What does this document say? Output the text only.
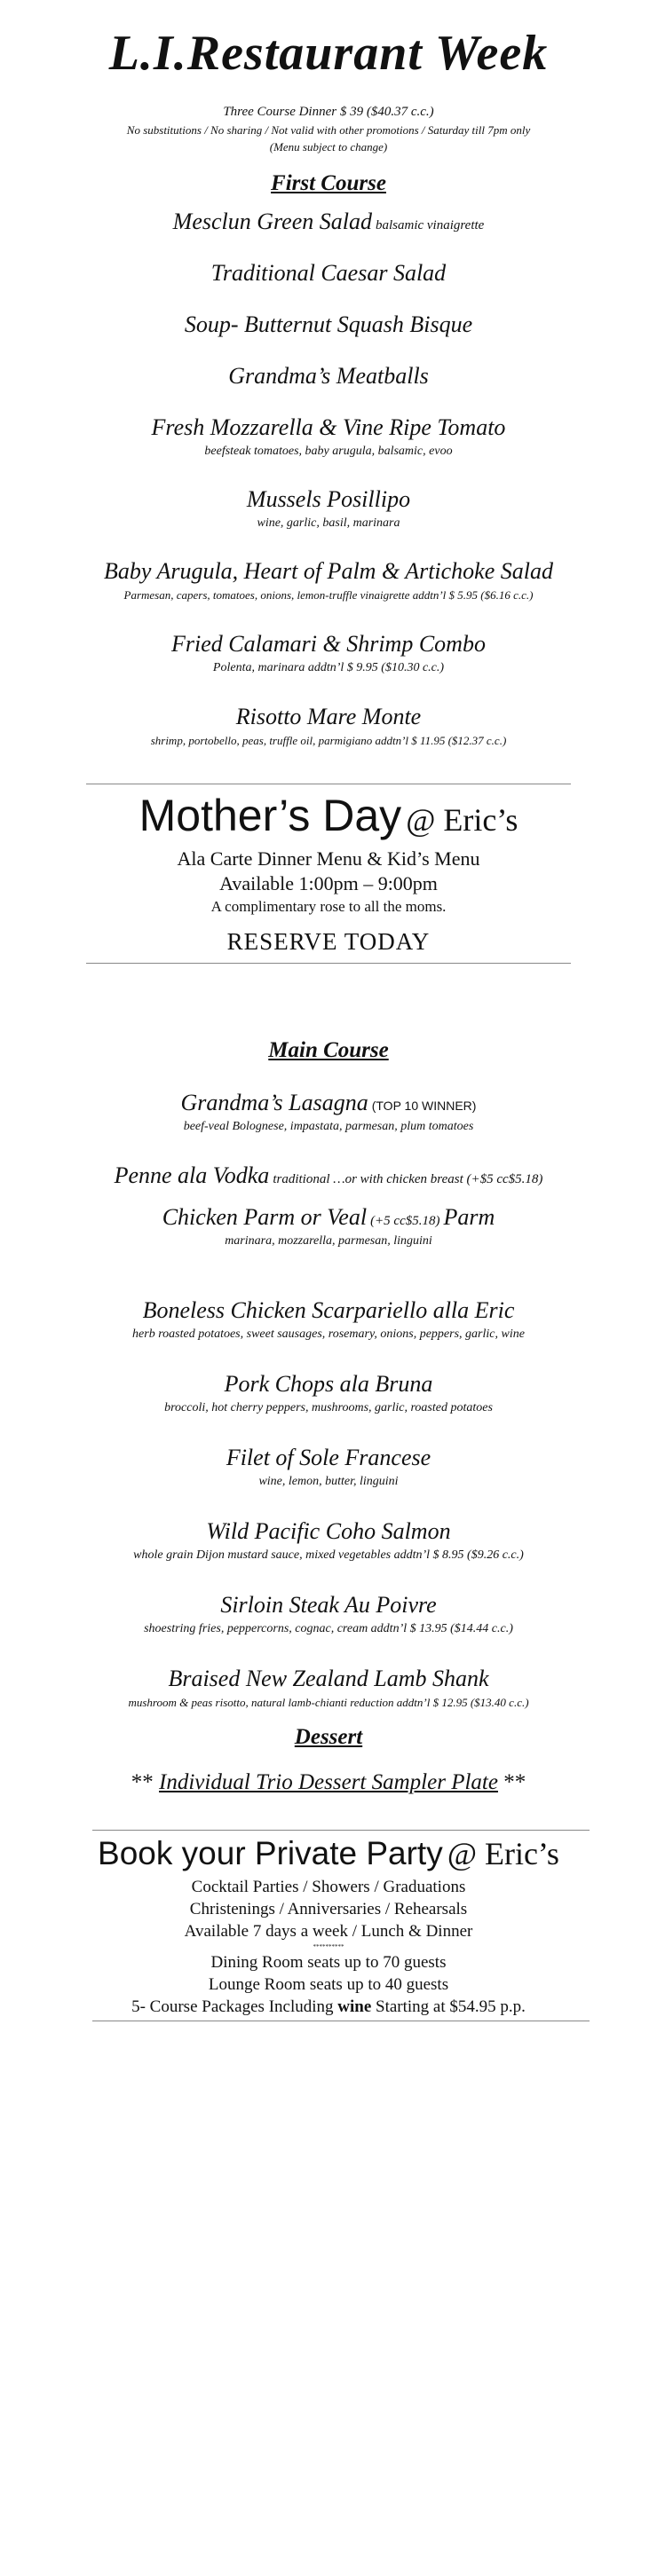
L.I.Restaurant Week
Three Course Dinner $ 39 ($40.37 c.c.)
No substitutions / No sharing / Not valid with other promotions / Saturday till 7pm only
(Menu subject to change)
First Course
Mesclun Green Salad balsamic vinaigrette
Traditional Caesar Salad
Soup- Butternut Squash Bisque
Grandma’s Meatballs
Fresh Mozzarella & Vine Ripe Tomato
beefsteak tomatoes, baby arugula, balsamic, evoo
Mussels Posillipo
wine, garlic, basil, marinara
Baby Arugula, Heart of Palm & Artichoke Salad
Parmesan, capers, tomatoes, onions, lemon-truffle vinaigrette addtn’l $ 5.95 ($6.16 c.c.)
Fried Calamari & Shrimp Combo
Polenta, marinara addtn’l $ 9.95 ($10.30 c.c.)
Risotto Mare Monte
shrimp, portobello, peas, truffle oil, parmigiano addtn’l $ 11.95 ($12.37 c.c.)
Mother’s Day @ Eric’s
Ala Carte Dinner Menu & Kid’s Menu
Available 1:00pm – 9:00pm
A complimentary rose to all the moms.
RESERVE TODAY
Main Course
Grandma’s Lasagna (TOP 10 WINNER)
beef-veal Bolognese, impastata, parmesan, plum tomatoes
Penne ala Vodka traditional …or with chicken breast (+$5 cc$5.18)
Chicken Parm or Veal (+5 cc$5.18) Parm
marinara, mozzarella, parmesan, linguini
Boneless Chicken Scarpariello alla Eric
herb roasted potatoes, sweet sausages, rosemary, onions, peppers, garlic, wine
Pork Chops ala Bruna
broccoli, hot cherry peppers, mushrooms, garlic, roasted potatoes
Filet of Sole Francese
wine, lemon, butter, linguini
Wild Pacific Coho Salmon
whole grain Dijon mustard sauce, mixed vegetables addtn’l $ 8.95 ($9.26 c.c.)
Sirloin Steak Au Poivre
shoestring fries, peppercorns, cognac, cream addtn’l $ 13.95 ($14.44 c.c.)
Braised New Zealand Lamb Shank
mushroom & peas risotto, natural lamb-chianti reduction addtn’l $ 12.95 ($13.40 c.c.)
Dessert
** Individual Trio Dessert Sampler Plate **
Book your Private Party @ Eric’s
Cocktail Parties / Showers / Graduations
Christenings / Anniversaries / Rehearsals
Available 7 days a week / Lunch & Dinner
**********
Dining Room seats up to 70 guests
Lounge Room seats up to 40 guests
5- Course Packages Including wine Starting at $54.95 p.p.
